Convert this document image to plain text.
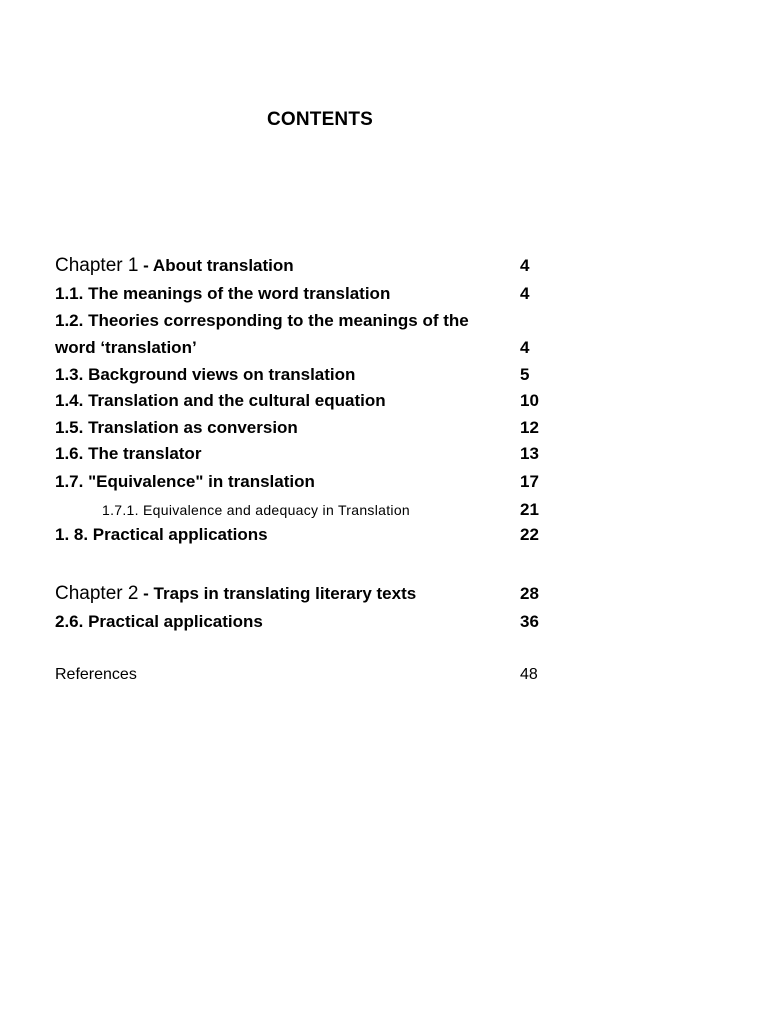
CONTENTS
Chapter 1 - About translation	4
1.1. The meanings of the word translation	4
1.2. Theories corresponding to the meanings of the
word ‘translation’	4
1.3. Background views on translation	5
1.4. Translation and the cultural equation	10
1.5. Translation as conversion	12
1.6. The translator	13
1.7. "Equivalence" in translation	17
1.7.1. Equivalence and adequacy in Translation	21
1. 8. Practical applications	22
Chapter 2 - Traps in translating literary texts	28
2.6. Practical applications	36
References	48
